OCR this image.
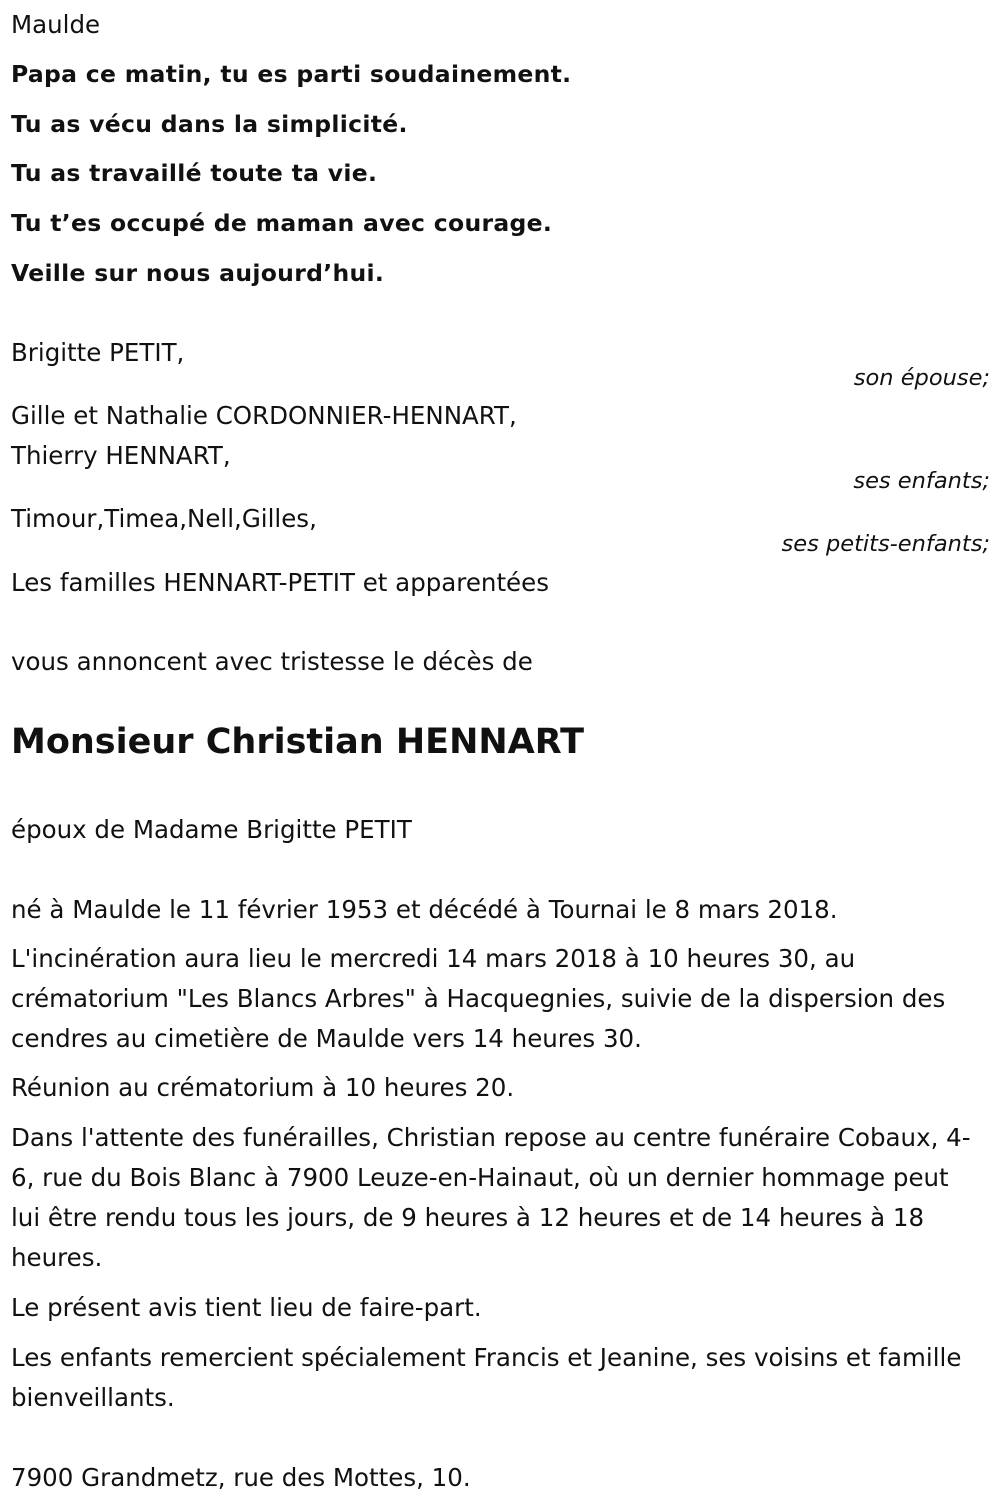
Maulde

Papa ce matin, tu es parti soudainement.

Tu as vécu dans la simplicité.

Tu as travaillé toute ta vie.

Tu t’es occupé de maman avec courage.

Veille sur nous aujourd’hui.

Brigitte PETIT,

son épouse;

Gille et Nathalie CORDONNIER-HENNART,

Thierry HENNART,

ses enfants;

Timour,Timea,Nell,Gilles,

ses petits-enfants;

Les familles HENNART-PETIT et apparentées

vous annoncent avec tristesse le décès de

Monsieur Christian HENNART

époux de Madame Brigitte PETIT

né à Maulde le 11 février 1953 et décédé à Tournai le 8 mars 2018.

L'incinération aura lieu le mercredi 14 mars 2018 à 10 heures 30, au crématorium "Les Blancs Arbres" à Hacquegnies, suivie de la dispersion des cendres au cimetière de Maulde vers 14 heures 30.

Réunion au crématorium à 10 heures 20.

Dans l'attente des funérailles, Christian repose au centre funéraire Cobaux, 4-6, rue du Bois Blanc à 7900 Leuze-en-Hainaut, où un dernier hommage peut lui être rendu tous les jours, de 9 heures à 12 heures et de 14 heures à 18 heures.

Le présent avis tient lieu de faire-part.

Les enfants remercient spécialement Francis et Jeanine, ses voisins et famille bienveillants.

7900 Grandmetz, rue des Mottes, 10.
